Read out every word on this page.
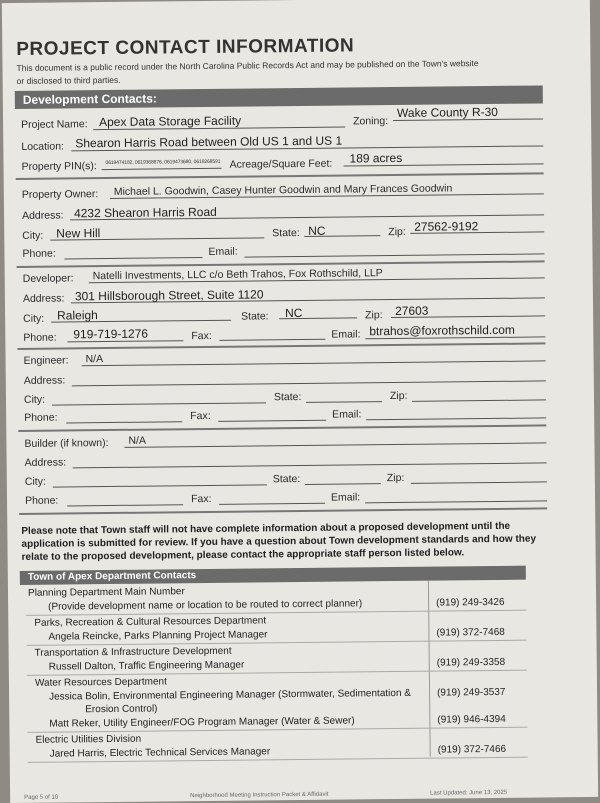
PROJECT CONTACT INFORMATION
This document is a public record under the North Carolina Public Records Act and may be published on the Town's website
or disclosed to third parties.
Development Contacts:
Project Name: Apex Data Storage Facility	Zoning:
Wake County R-30
Location: Shearon Harris Road between Old US 1 and US 1
Property PIN(s): 0619474182, 0619368876, 0619473680, 0619268591 Acreage/Square Feet: 189 acres
Property Owner: Michael L. Goodwin, Casey Hunter Goodwin and Mary Frances Goodwin
Address: 4232 Shearon Harris Road
City: New Hill	State: NC	Zip: 27562-9192
Phone:	Email:
Developer: Natelli Investments, LLC c/o Beth Trahos, Fox Rothschild, LLP
Address: 301 Hillsborough Street, Suite 1120
City: Raleigh	State: NC	Zip: 27603
Phone: 919-719-1276	Fax:	Email: btrahos@foxrothschild.com
Engineer: N/A
Address:
City:	State:	Zip:
Phone:	Fax:	Email:
Builder (if known): N/A
Address:
City:	State:	Zip:
Phone:	Fax:	Email:
Please note that Town staff will not have complete information about a proposed development until the application is submitted for review. If you have a question about Town development standards and how they relate to the proposed development, please contact the appropriate staff person listed below.
Town of Apex Department Contacts
Planning Department Main Number
(Provide development name or location to be routed to correct planner)	(919) 249-3426
Parks, Recreation & Cultural Resources Department
Angela Reincke, Parks Planning Project Manager	(919) 372-7468
Transportation & Infrastructure Development
Russell Dalton, Traffic Engineering Manager	(919) 249-3358
Water Resources Department
Jessica Bolin, Environmental Engineering Manager (Stormwater, Sedimentation &	(919) 249-3537
Erosion Control)
Matt Reker, Utility Engineer/FOG Program Manager (Water & Sewer)	(919) 946-4394
Electric Utilities Division
Jared Harris, Electric Technical Services Manager	(919) 372-7466
Page 5 of 10	Neighborhood Meeting Instruction Packet & Affidavit	Last Updated: June 13, 2025
